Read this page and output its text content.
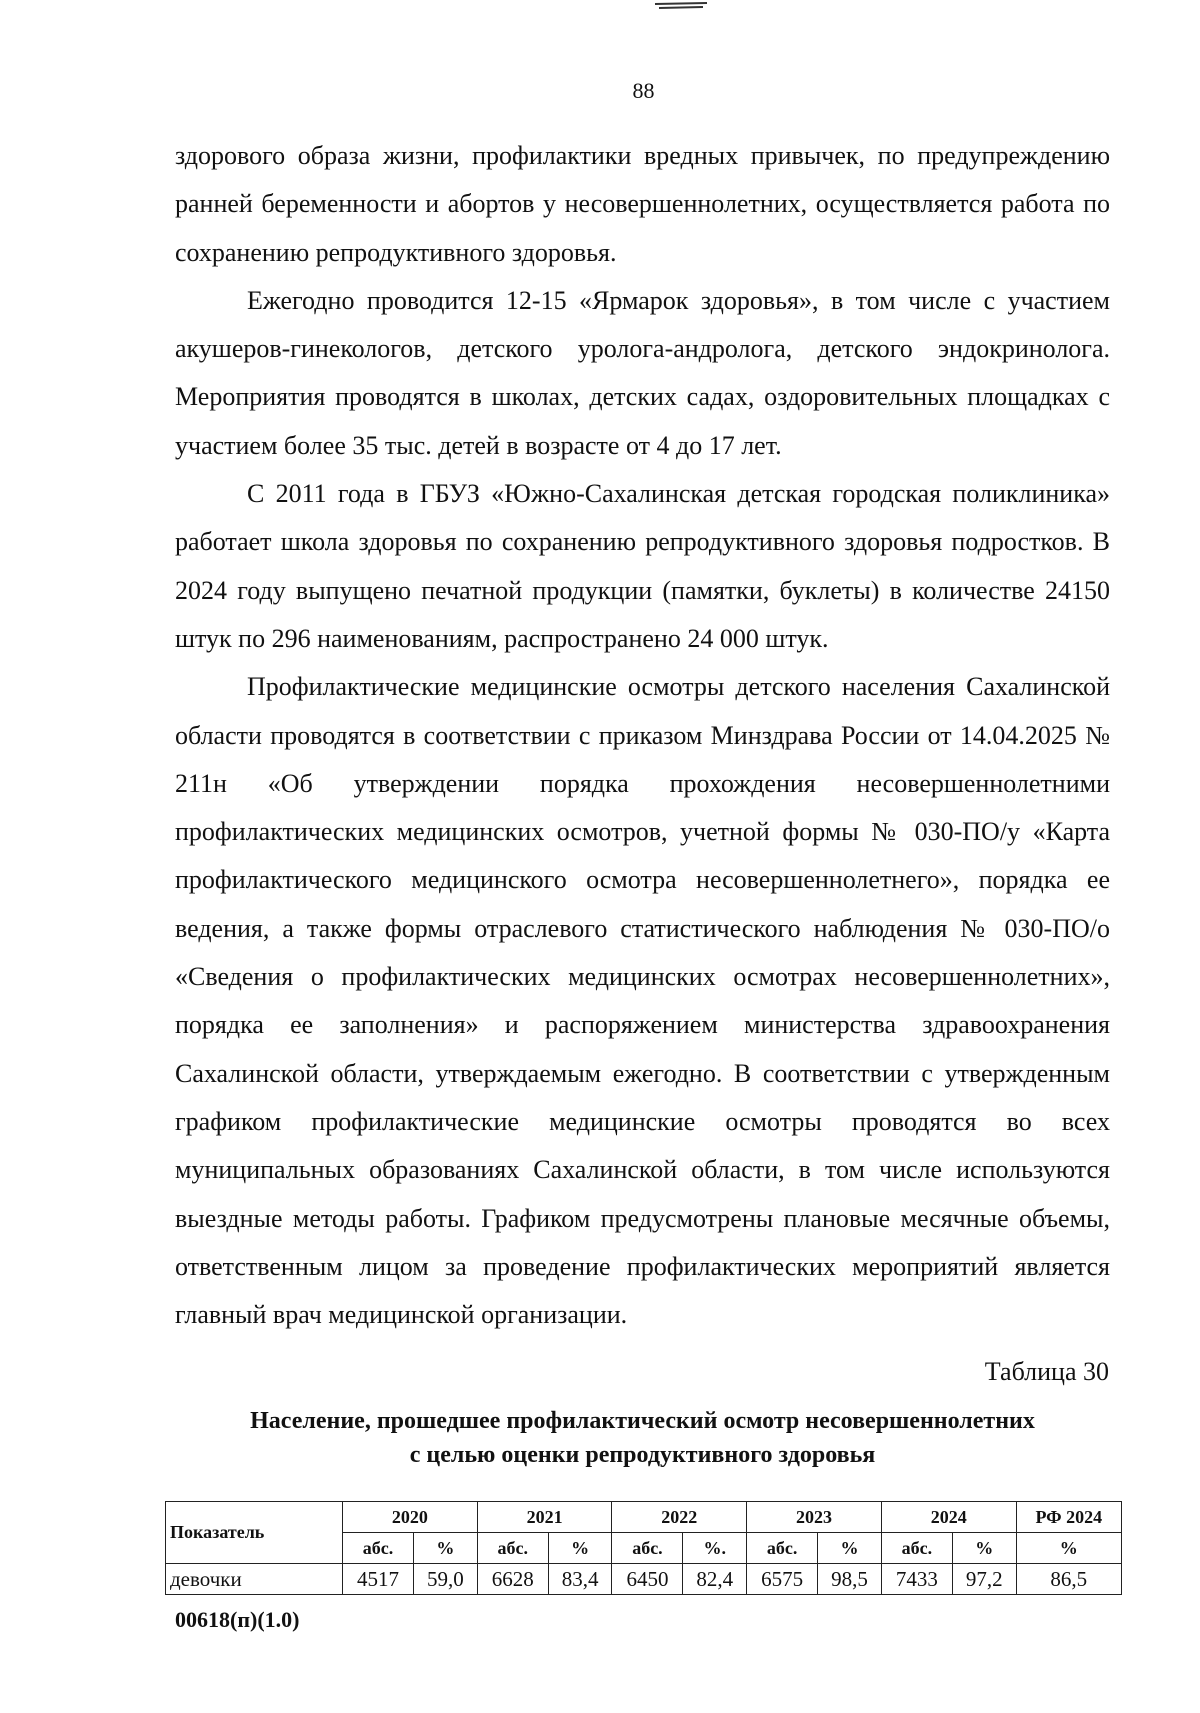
88

здорового образа жизни, профилактики вредных привычек, по предупреждению ранней беременности и абортов у несовершеннолетних, осуществляется работа по сохранению репродуктивного здоровья.

Ежегодно проводится 12-15 «Ярмарок здоровья», в том числе с участием акушеров-гинекологов, детского уролога-андролога, детского эндокринолога. Мероприятия проводятся в школах, детских садах, оздоровительных площадках с участием более 35 тыс. детей в возрасте от 4 до 17 лет.

С 2011 года в ГБУЗ «Южно-Сахалинская детская городская поликлиника» работает школа здоровья по сохранению репродуктивного здоровья подростков. В 2024 году выпущено печатной продукции (памятки, буклеты) в количестве 24150 штук по 296 наименованиям, распространено 24 000 штук.

Профилактические медицинские осмотры детского населения Сахалинской области проводятся в соответствии с приказом Минздрава России от 14.04.2025 № 211н «Об утверждении порядка прохождения несовершеннолетними профилактических медицинских осмотров, учетной формы № 030-ПО/у «Карта профилактического медицинского осмотра несовершеннолетнего», порядка ее ведения, а также формы отраслевого статистического наблюдения № 030-ПО/о «Сведения о профилактических медицинских осмотрах несовершеннолетних», порядка ее заполнения» и распоряжением министерства здравоохранения Сахалинской области, утверждаемым ежегодно. В соответствии с утвержденным графиком профилактические медицинские осмотры проводятся во всех муниципальных образованиях Сахалинской области, в том числе используются выездные методы работы. Графиком предусмотрены плановые месячные объемы, ответственным лицом за проведение профилактических мероприятий является главный врач медицинской организации.

Таблица 30
Население, прошедшее профилактический осмотр несовершеннолетних
с целью оценки репродуктивного здоровья
Показатель	2020		2021		2022		2023		2024		РФ 2024
	абс.	%	абс.	%	абс.	%.	абс.	%	абс.	%	%
девочки	4517	59,0	6628	83,4	6450	82,4	6575	98,5	7433	97,2	86,5
00618(п)(1.0)
